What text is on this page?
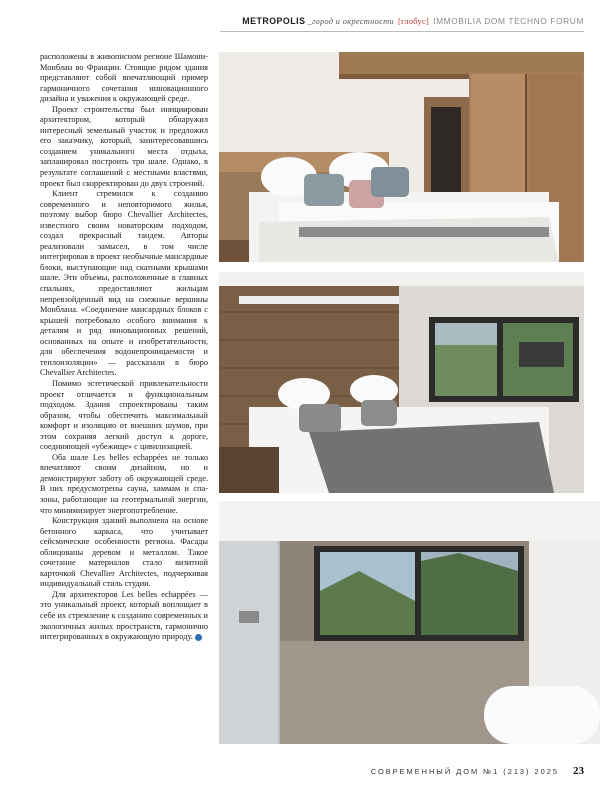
METROPOLIS _город и окрестности [глобус] IMMOBILIA DOM TECHNO FORUM

расположены в живописном регионе Шамони-Монблан во Франции. Стоящие рядом здания представляют собой впечатляющий пример гармоничного сочетания инновационного дизайна и уважения к окружающей среде.

Проект строительства был инициирован архитектором, который обнаружил интересный земельный участок и предложил его заказчику, который, заинтересовавшись созданием уникального места отдыха, запланировал построить три шале. Однако, в результате соглашений с местными властями, проект был скорректирован до двух строений.

Клиент стремился к созданию современного и неповторимого жилья, поэтому выбор бюро Chevallier Architectes, известного своим новаторским подходом, создал прекрасный тандем. Авторы реализовали замысел, в том числе интегрировав в проект необычные мансардные блоки, выступающие над скатными крышами шале. Эти объемы, расположенные в главных спальнях, предоставляют жильцам непревзойденный вид на снежные вершины Монблана. «Соединение мансардных блоков с крышей потребовало особого внимания к деталям и ряд инновационных решений, основанных на опыте и изобретательности, для обеспечения водонепроницаемости и теплоизоляции» — рассказали в бюро Chevallier Architectes.

Помимо эстетической привлекательности проект отличается и функциональным подходом. Здания спроектированы таким образом, чтобы обеспечить максимальный комфорт и изоляцию от внешних шумов, при этом сохраняя легкий доступ к дороге, соединяющей «убежище» с цивилизацией.

Оба шале Les belles echappées не только впечатляют своим дизайном, но и демонстрируют заботу об окружающей среде. В них предусмотрены сауна, хаммам и спа-зоны, работающие на геотермальной энергии, что минимизирует энергопотребление.

Конструкция зданий выполнена на основе бетонного каркаса, что учитывает сейсмические особенности региона. Фасады облицованы деревом и металлом. Такое сочетание материалов стало визитной карточкой Chevallier Architectes, подчеркивая индивидуальный стиль студии.

Для архитекторов Les belles echappées — это уникальный проект, который воплощает в себе их стремление к созданию современных и экологичных жилых пространств, гармонично интегрированных в окружающую природу.

СОВРЕМЕННЫЙ ДОМ №1 (213) 2025 23
